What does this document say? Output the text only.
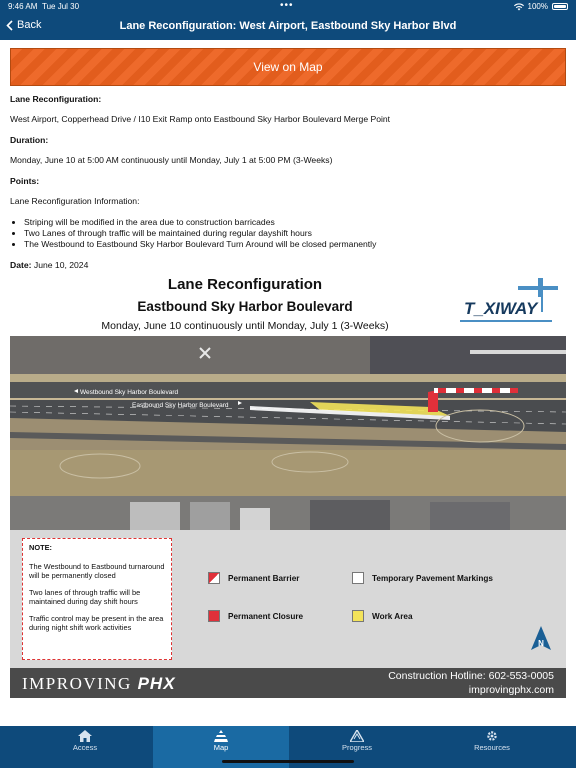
9:46 AM Tue Jul 30	•••	100%
Back	Lane Reconfiguration: West Airport, Eastbound Sky Harbor Blvd
View on Map
Lane Reconfiguration:
West Airport, Copperhead Drive / I10 Exit Ramp onto Eastbound Sky Harbor Boulevard Merge Point
Duration:
Monday, June 10 at 5:00 AM continuously until Monday, July 1 at 5:00 PM (3-Weeks)
Points:
Lane Reconfiguration Information:
• Striping will be modified in the area due to construction barricades
• Two Lanes of through traffic will be maintained during regular dayshift hours
• The Westbound to Eastbound Sky Harbor Boulevard Turn Around will be closed permanently
Date: June 10, 2024
Lane Reconfiguration
Eastbound Sky Harbor Boulevard
Monday, June 10 continuously until Monday, July 1 (3-Weeks)
T_XIWAY
Westbound Sky Harbor Boulevard
Eastbound Sky Harbor Boulevard
NOTE:
The Westbound to Eastbound turnaround will be permanently closed
Two lanes of through traffic will be maintained during day shift hours
Traffic control may be present in the area during night shift work activities
Permanent Barrier
Permanent Closure
Temporary Pavement Markings
Work Area
N
IMPROVING PHX	Construction Hotline: 602-553-0005
improvingphx.com
Access	Map	Progress	Resources
